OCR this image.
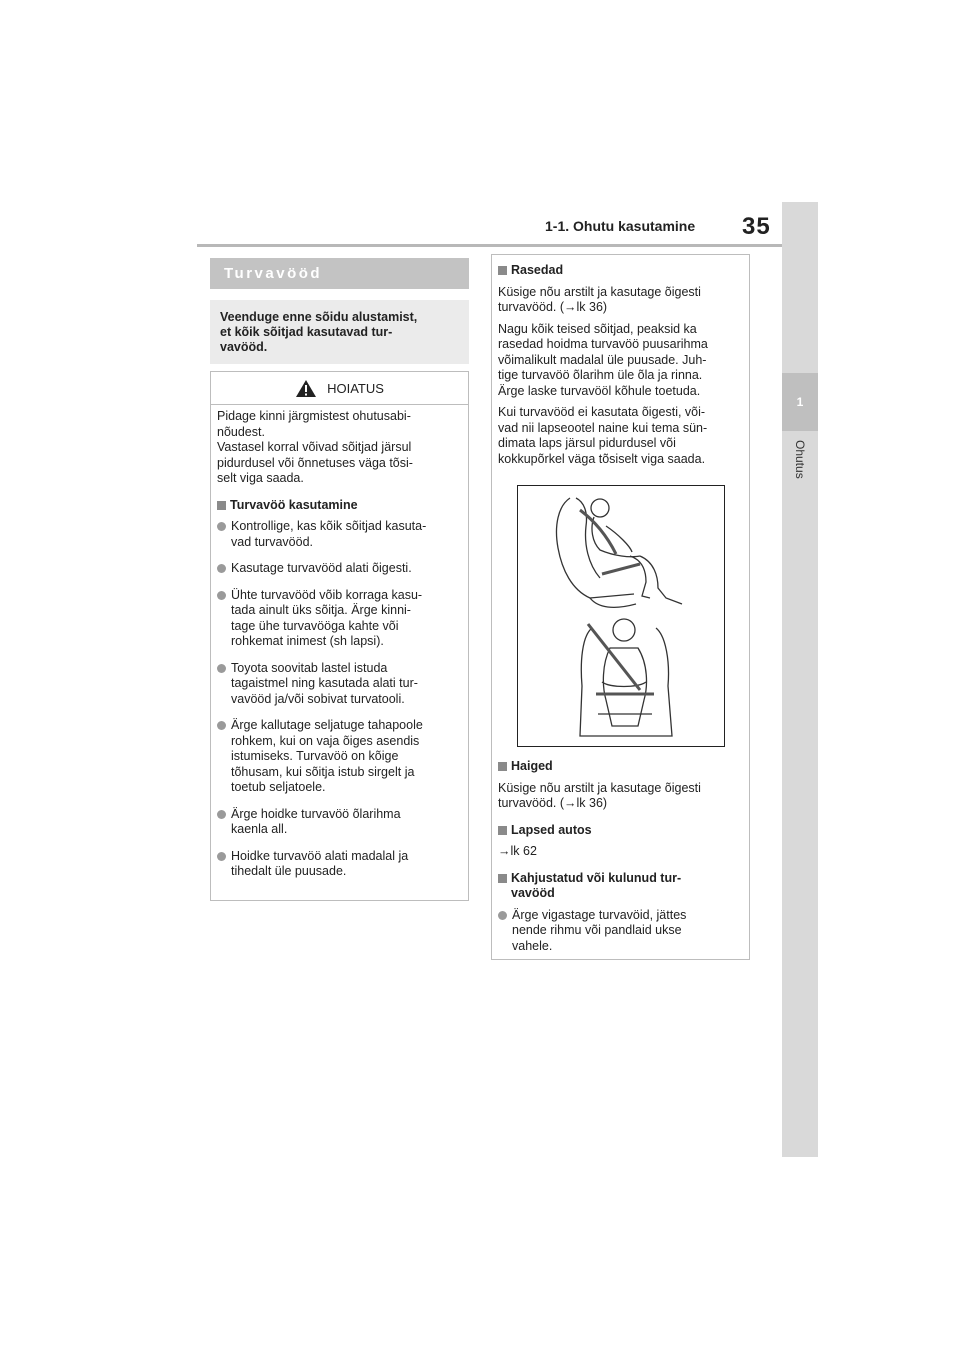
1-1. Ohutu kasutamine 35
1
Ohutus
Turvavööd
Veenduge enne sõidu alustamist,
et kõik sõitjad kasutavad tur-
vavööd.
HOIATUS

Pidage kinni järgmistest ohutusabi-
nõudest.
Vastasel korral võivad sõitjad järsul
pidurdusel või õnnetuses väga tõsi-
selt viga saada.

Turvavöö kasutamine
Kontrollige, kas kõik sõitjad kasuta-
vad turvavööd.
Kasutage turvavööd alati õigesti.
Ühte turvavööd võib korraga kasu-
tada ainult üks sõitja. Ärge kinni-
tage ühe turvavööga kahte või
rohkemat inimest (sh lapsi).
Toyota soovitab lastel istuda
tagaistmel ning kasutada alati tur-
vavööd ja/või sobivat turvatooli.
Ärge kallutage seljatuge tahapoole
rohkem, kui on vaja õiges asendis
istumiseks. Turvavöö on kõige
tõhusam, kui sõitja istub sirgelt ja
toetub seljatoele.
Ärge hoidke turvavöö õlarihma
kaenla all.
Hoidke turvavöö alati madalal ja
tihedalt üle puusade.
Rasedad

Küsige nõu arstilt ja kasutage õigesti
turvavööd. (→lk 36)

Nagu kõik teised sõitjad, peaksid ka
rasedad hoidma turvavöö puusarihma
võimalikult madalal üle puusade. Juh-
tige turvavöö õlarihm üle õla ja rinna.
Ärge laske turvavööl kõhule toetuda.

Kui turvavööd ei kasutata õigesti, või-
vad nii lapseootel naine kui tema sün-
dimata laps järsul pidurdusel või
kokkupõrkel väga tõsiselt viga saada.

Haiged

Küsige nõu arstilt ja kasutage õigesti
turvavööd. (→lk 36)

Lapsed autos

→lk 62

Kahjustatud või kulunud tur-
vavööd
Ärge vigastage turvavöid, jättes
nende rihmu või pandlaid ukse
vahele.
